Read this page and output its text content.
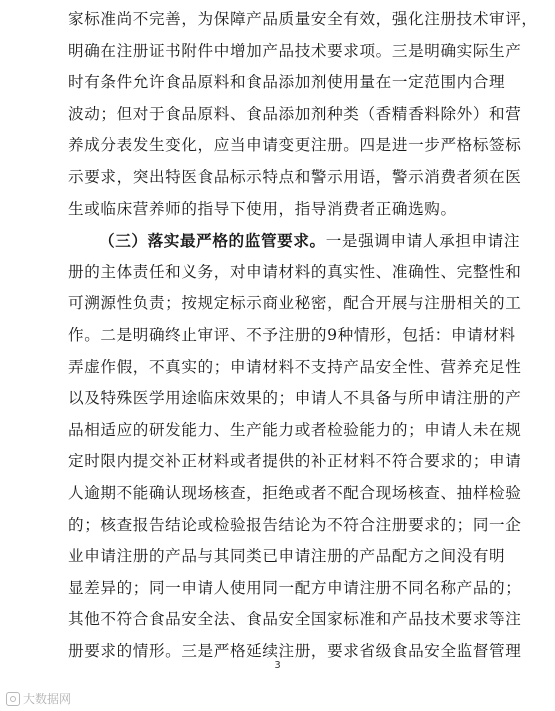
家标准尚不完善，为保障产品质量安全有效，强化注册技术审评，
明确在注册证书附件中增加产品技术要求项。三是明确实际生产
时有条件允许食品原料和食品添加剂使用量在一定范围内合理
波动；但对于食品原料、食品添加剂种类（香精香料除外）和营
养成分表发生变化，应当申请变更注册。四是进一步严格标签标
示要求，突出特医食品标示特点和警示用语，警示消费者须在医
生或临床营养师的指导下使用，指导消费者正确选购。
（三）落实最严格的监管要求。一是强调申请人承担申请注
册的主体责任和义务，对申请材料的真实性、准确性、完整性和
可溯源性负责；按规定标示商业秘密，配合开展与注册相关的工
作。二是明确终止审评、不予注册的9种情形，包括：申请材料
弄虚作假，不真实的；申请材料不支持产品安全性、营养充足性
以及特殊医学用途临床效果的；申请人不具备与所申请注册的产
品相适应的研发能力、生产能力或者检验能力的；申请人未在规
定时限内提交补正材料或者提供的补正材料不符合要求的；申请
人逾期不能确认现场核查，拒绝或者不配合现场核查、抽样检验
的；核查报告结论或检验报告结论为不符合注册要求的；同一企
业申请注册的产品与其同类已申请注册的产品配方之间没有明
显差异的；同一申请人使用同一配方申请注册不同名称产品的；
其他不符合食品安全法、食品安全国家标准和产品技术要求等注
册要求的情形。三是严格延续注册，要求省级食品安全监督管理
3
大数据网
